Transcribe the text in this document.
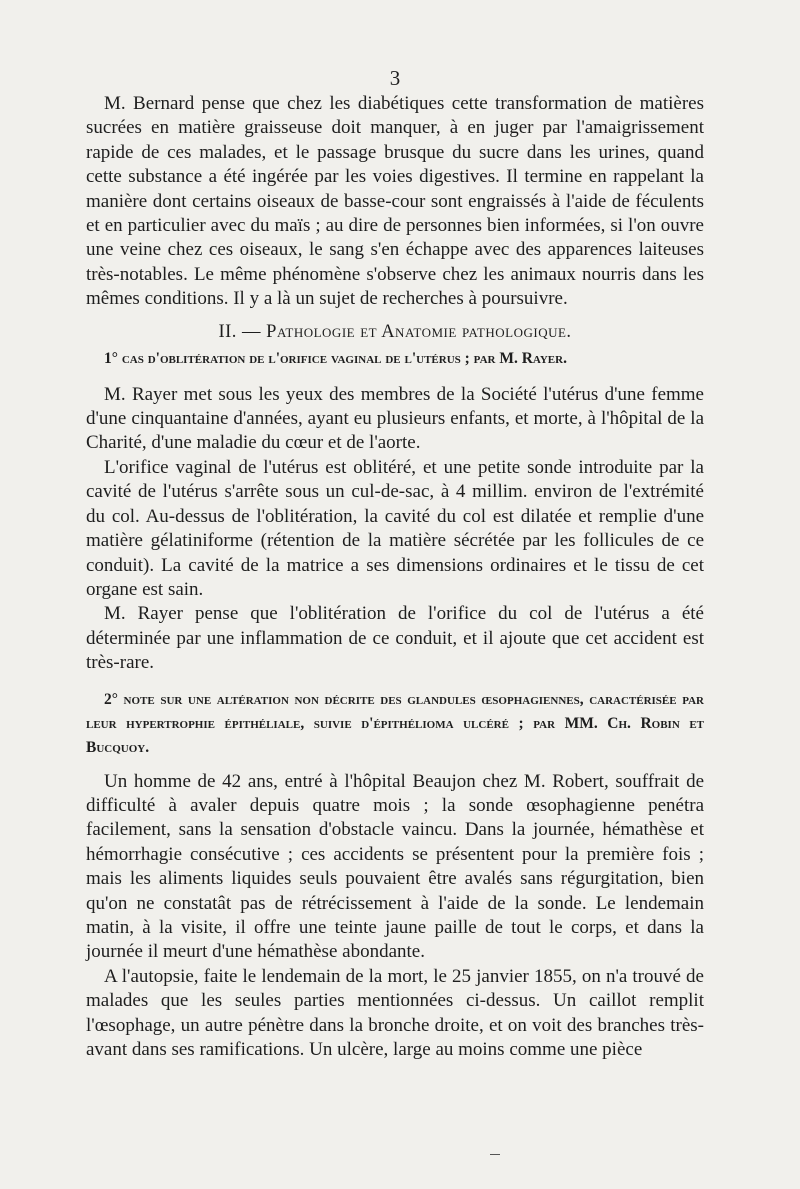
3

M. Bernard pense que chez les diabétiques cette transformation de matières sucrées en matière graisseuse doit manquer, à en juger par l'amaigrissement rapide de ces malades, et le passage brusque du sucre dans les urines, quand cette substance a été ingérée par les voies digestives. Il termine en rappelant la manière dont certains oiseaux de basse-cour sont engraissés à l'aide de féculents et en particulier avec du maïs ; au dire de personnes bien informées, si l'on ouvre une veine chez ces oiseaux, le sang s'en échappe avec des apparences laiteuses très-notables. Le même phénomène s'observe chez les animaux nourris dans les mêmes conditions. Il y a là un sujet de recherches à poursuivre.

II. — Pathologie et Anatomie pathologique.
1° cas d'oblitération de l'orifice vaginal de l'utérus ; par M. Rayer.

M. Rayer met sous les yeux des membres de la Société l'utérus d'une femme d'une cinquantaine d'années, ayant eu plusieurs enfants, et morte, à l'hôpital de la Charité, d'une maladie du cœur et de l'aorte.

L'orifice vaginal de l'utérus est oblitéré, et une petite sonde introduite par la cavité de l'utérus s'arrête sous un cul-de-sac, à 4 millim. environ de l'extrémité du col. Au-dessus de l'oblitération, la cavité du col est dilatée et remplie d'une matière gélatiniforme (rétention de la matière sécrétée par les follicules de ce conduit). La cavité de la matrice a ses dimensions ordinaires et le tissu de cet organe est sain.

M. Rayer pense que l'oblitération de l'orifice du col de l'utérus a été déterminée par une inflammation de ce conduit, et il ajoute que cet accident est très-rare.

2° note sur une altération non décrite des glandules œsophagiennes, caractérisée par leur hypertrophie épithéliale, suivie d'épithélioma ulcéré ; par MM. Ch. Robin et Bucquoy.

Un homme de 42 ans, entré à l'hôpital Beaujon chez M. Robert, souffrait de difficulté à avaler depuis quatre mois ; la sonde œsophagienne penétra facilement, sans la sensation d'obstacle vaincu. Dans la journée, hémathèse et hémorrhagie consécutive ; ces accidents se présentent pour la première fois ; mais les aliments liquides seuls pouvaient être avalés sans régurgitation, bien qu'on ne constatât pas de rétrécissement à l'aide de la sonde. Le lendemain matin, à la visite, il offre une teinte jaune paille de tout le corps, et dans la journée il meurt d'une hémathèse abondante.

A l'autopsie, faite le lendemain de la mort, le 25 janvier 1855, on n'a trouvé de malades que les seules parties mentionnées ci-dessus. Un caillot remplit l'œsophage, un autre pénètre dans la bronche droite, et on voit des branches très-avant dans ses ramifications. Un ulcère, large au moins comme une pièce
